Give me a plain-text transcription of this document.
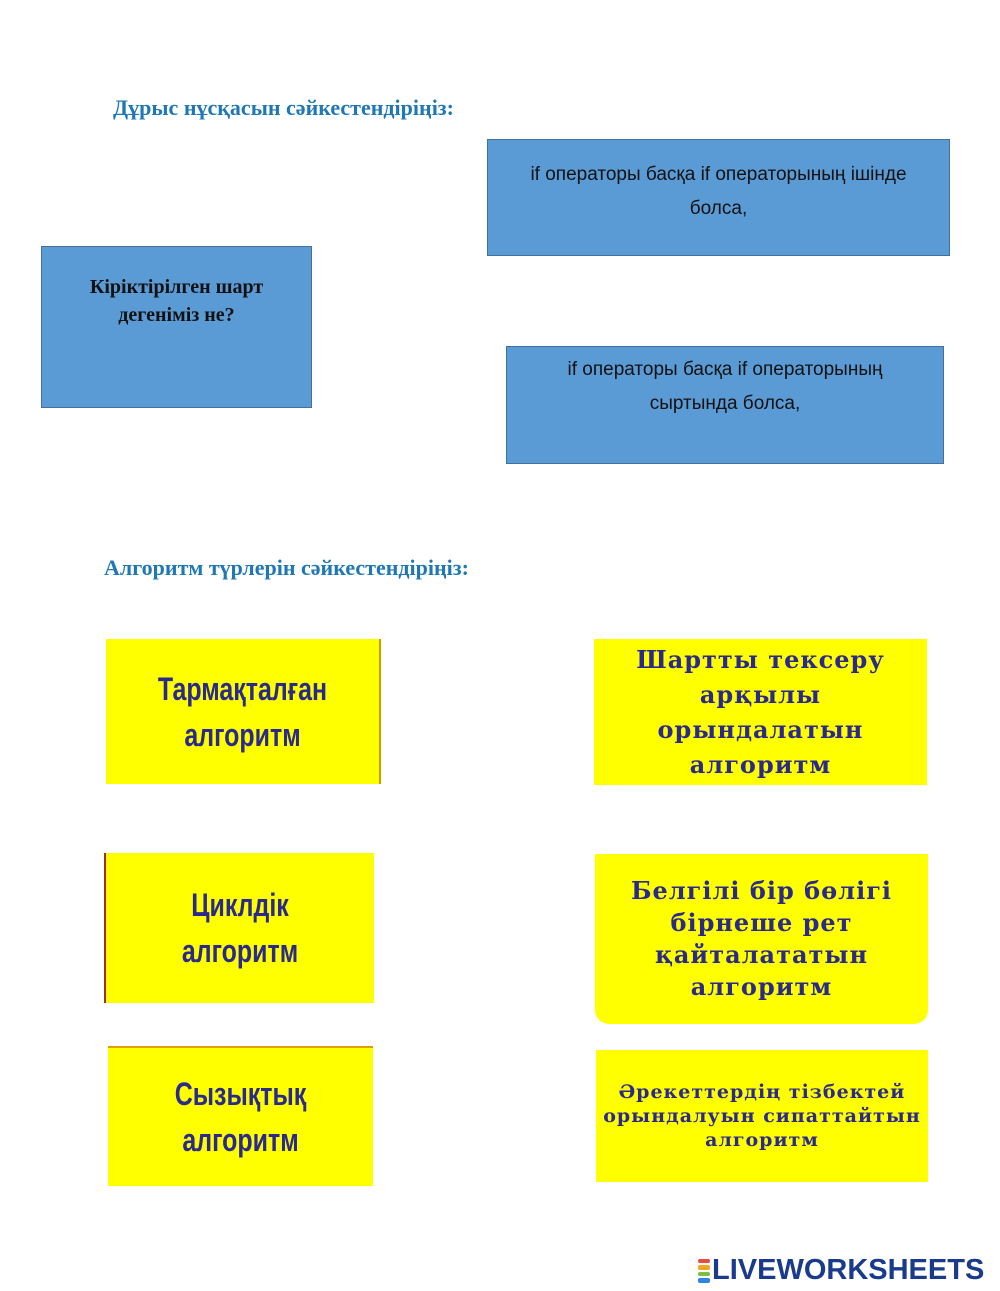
Дұрыс нұсқасын сәйкестендіріңіз:
Кіріктірілген шарт дегеніміз не?
if операторы басқа if операторының ішінде болса,
if операторы басқа if операторының сыртында болса,
Алгоритм түрлерін сәйкестендіріңіз:
Тармақталған алгоритм
Циклдік алгоритм
Сызықтық алгоритм
Шартты тексеру арқылы орындалатын алгоритм
Белгілі бір бөлігі бірнеше рет қайталататын алгоритм
Әрекеттердің тізбектей орындалуын сипаттайтын алгоритм
LIVEWORKSHEETS
